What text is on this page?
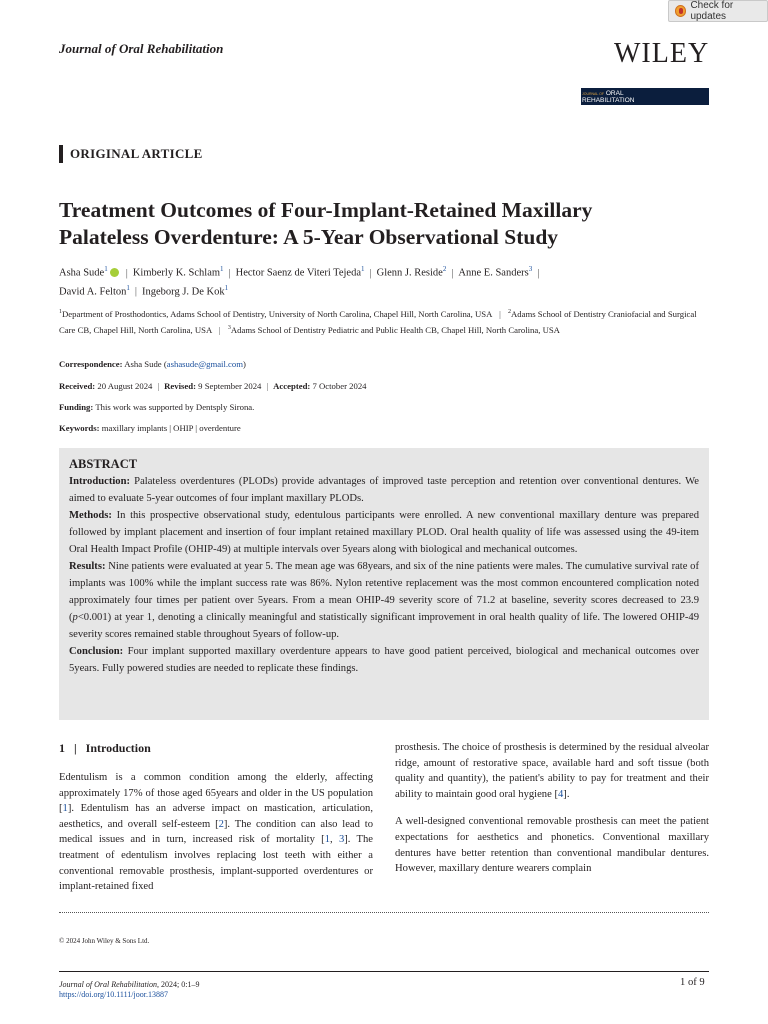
Check for updates
Journal of Oral Rehabilitation	WILEY
JOURNAL OF ORAL
REHABILITATION
ORIGINAL ARTICLE
Treatment Outcomes of Four-Implant-Retained Maxillary
Palateless Overdenture: A 5-Year Observational Study
Asha Sude$^1$ | Kimberly K. Schlam$^1$ | Hector Saenz de Viteri Tejeda$^1$ | Glenn J. Reside$^2$ | Anne E. Sanders$^3$ |
David A. Felton$^1$ | Ingeborg J. De Kok$^1$
$^1$Department of Prosthodontics, Adams School of Dentistry, University of North Carolina, Chapel Hill, North Carolina, USA | $^2$Adams School of Dentistry Craniofacial and Surgical Care CB, Chapel Hill, North Carolina, USA | $^3$Adams School of Dentistry Pediatric and Public Health CB, Chapel Hill, North Carolina, USA
Correspondence: Asha Sude (ashasude@gmail.com)
Received: 20 August 2024 | Revised: 9 September 2024 | Accepted: 7 October 2024
Funding: This work was supported by Dentsply Sirona.
Keywords: maxillary implants | OHIP | overdenture
ABSTRACT

Introduction: Palateless overdentures (PLODs) provide advantages of improved taste perception and retention over conventional dentures. We aimed to evaluate 5-year outcomes of four implant maxillary PLODs.

Methods: In this prospective observational study, edentulous participants were enrolled. A new conventional maxillary denture was prepared followed by implant placement and insertion of four implant retained maxillary PLOD. Oral health quality of life was assessed using the 49-item Oral Health Impact Profile (OHIP-49) at multiple intervals over 5years along with biological and mechanical outcomes.

Results: Nine patients were evaluated at year 5. The mean age was 68years, and six of the nine patients were males. The cumulative survival rate of implants was 100% while the implant success rate was 86%. Nylon retentive replacement was the most common encountered complication noted approximately four times per patient over 5years. From a mean OHIP-49 severity score of 71.2 at baseline, severity scores decreased to 23.9 (p<0.001) at year 1, denoting a clinically meaningful and statistically significant improvement in oral health quality of life. The lowered OHIP-49 severity scores remained stable throughout 5years of follow-up.

Conclusion: Four implant supported maxillary overdenture appears to have good patient perceived, biological and mechanical outcomes over 5years. Fully powered studies are needed to replicate these findings.

1 | Introduction

Edentulism is a common condition among the elderly, affecting approximately 17% of those aged 65years and older in the US population [1]. Edentulism has an adverse impact on mastication, articulation, aesthetics, and overall self-esteem [2]. The condition can also lead to medical issues and in turn, increased risk of mortality [1, 3]. The treatment of edentulism involves replacing lost teeth with either a conventional removable prosthesis, implant-supported overdentures or implant-retained fixed

prosthesis. The choice of prosthesis is determined by the residual alveolar ridge, amount of restorative space, available hard and soft tissue (both quality and quantity), the patient's ability to pay for treatment and their ability to maintain good oral hygiene [4].

A well-designed conventional removable prosthesis can meet the patient expectations for aesthetics and phonetics. Conventional maxillary dentures have better retention than conventional mandibular dentures. However, maxillary denture wearers complain

© 2024 John Wiley & Sons Ltd.
Journal of Oral Rehabilitation, 2024; 0:1–9
https://doi.org/10.1111/joor.13887
1 of 9
